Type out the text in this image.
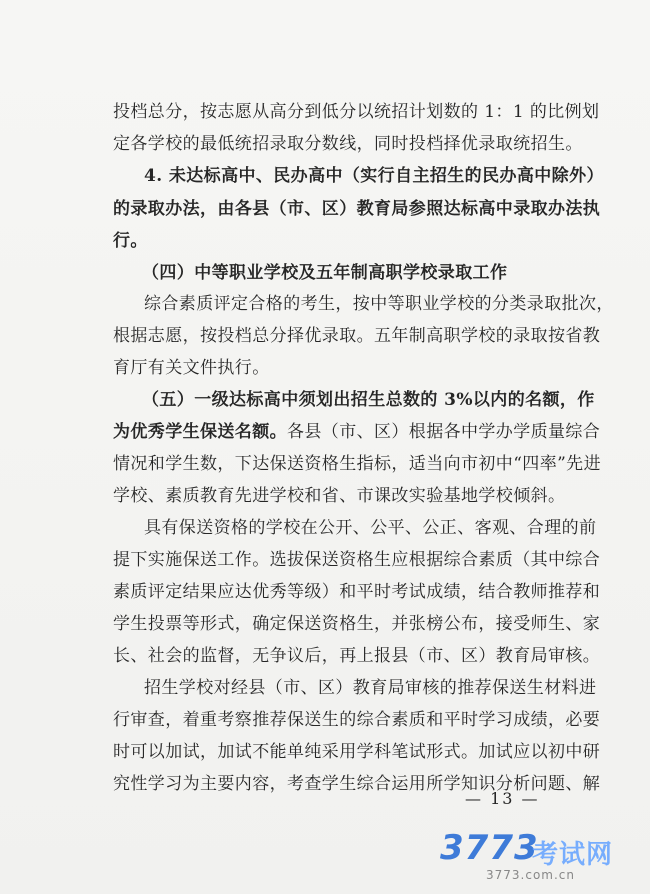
投档总分，按志愿从高分到低分以统招计划数的 1：1 的比例划
定各学校的最低统招录取分数线，同时投档择优录取统招生。
4. 未达标高中、民办高中（实行自主招生的民办高中除外）
的录取办法，由各县（市、区）教育局参照达标高中录取办法执
行。
（四）中等职业学校及五年制高职学校录取工作
综合素质评定合格的考生，按中等职业学校的分类录取批次，
根据志愿，按投档总分择优录取。五年制高职学校的录取按省教
育厅有关文件执行。
（五）一级达标高中须划出招生总数的 3%以内的名额，作
为优秀学生保送名额。各县（市、区）根据各中学办学质量综合
情况和学生数，下达保送资格生指标，适当向市初中“四率”先进
学校、素质教育先进学校和省、市课改实验基地学校倾斜。
具有保送资格的学校在公开、公平、公正、客观、合理的前
提下实施保送工作。选拔保送资格生应根据综合素质（其中综合
素质评定结果应达优秀等级）和平时考试成绩，结合教师推荐和
学生投票等形式，确定保送资格生，并张榜公布，接受师生、家
长、社会的监督，无争议后，再上报县（市、区）教育局审核。
招生学校对经县（市、区）教育局审核的推荐保送生材料进
行审查，着重考察推荐保送生的综合素质和平时学习成绩，必要
时可以加试，加试不能单纯采用学科笔试形式。加试应以初中研
究性学习为主要内容，考查学生综合运用所学知识分析问题、解
— 13 —
3773
考试网
3773.com.cn
